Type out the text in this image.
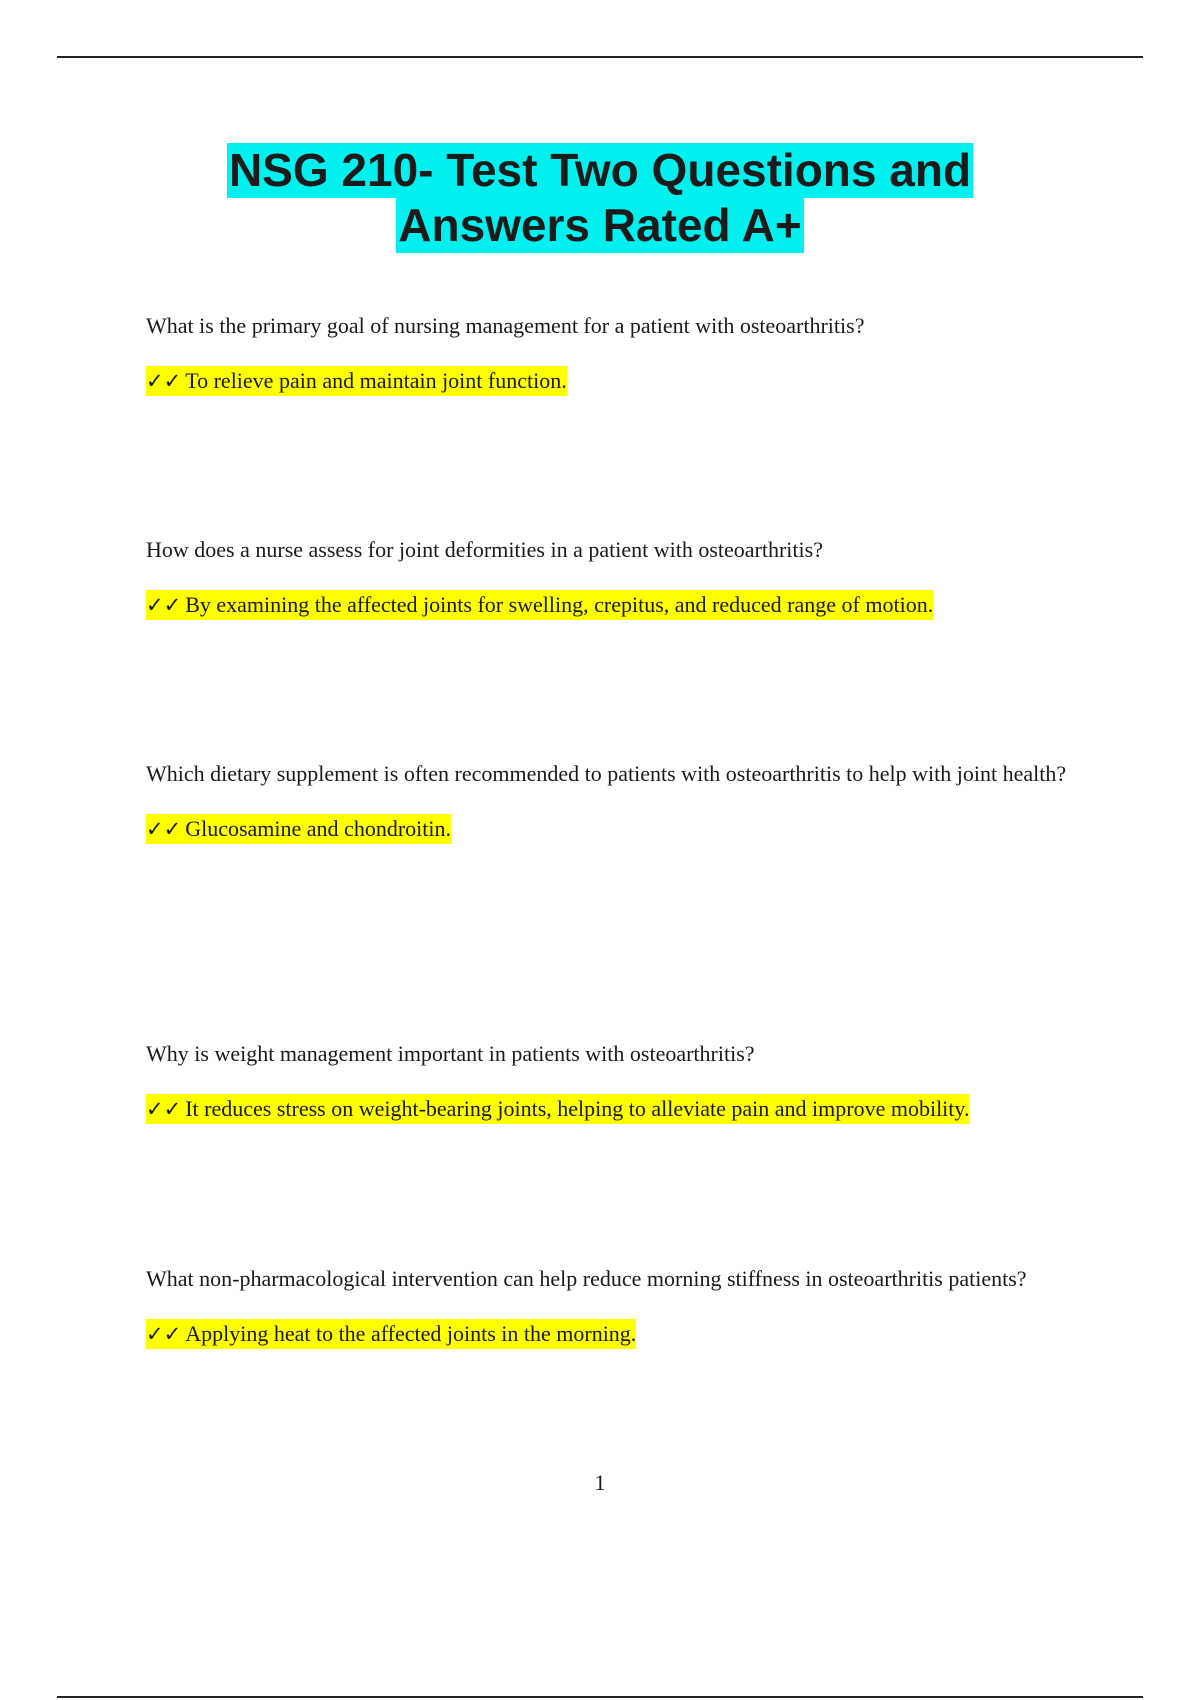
NSG 210- Test Two Questions and
Answers Rated A+

What is the primary goal of nursing management for a patient with osteoarthritis?

✓✓ To relieve pain and maintain joint function.

How does a nurse assess for joint deformities in a patient with osteoarthritis?

✓✓ By examining the affected joints for swelling, crepitus, and reduced range of motion.

Which dietary supplement is often recommended to patients with osteoarthritis to help with joint health?

✓✓ Glucosamine and chondroitin.

Why is weight management important in patients with osteoarthritis?

✓✓ It reduces stress on weight-bearing joints, helping to alleviate pain and improve mobility.

What non-pharmacological intervention can help reduce morning stiffness in osteoarthritis patients?

✓✓ Applying heat to the affected joints in the morning.

1
